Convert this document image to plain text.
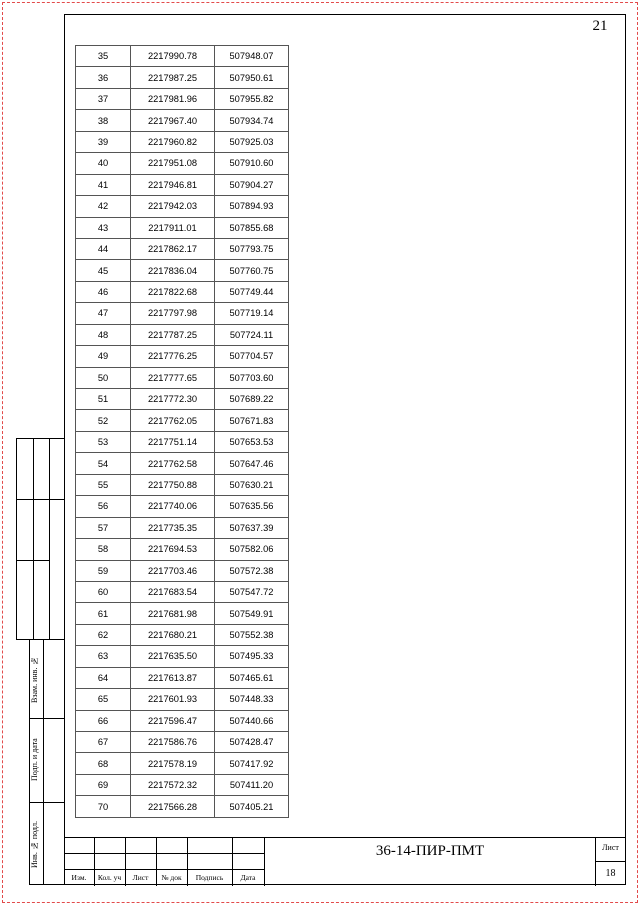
21
35	2217990.78	507948.07
36	2217987.25	507950.61
37	2217981.96	507955.82
38	2217967.40	507934.74
39	2217960.82	507925.03
40	2217951.08	507910.60
41	2217946.81	507904.27
42	2217942.03	507894.93
43	2217911.01	507855.68
44	2217862.17	507793.75
45	2217836.04	507760.75
46	2217822.68	507749.44
47	2217797.98	507719.14
48	2217787.25	507724.11
49	2217776.25	507704.57
50	2217777.65	507703.60
51	2217772.30	507689.22
52	2217762.05	507671.83
53	2217751.14	507653.53
54	2217762.58	507647.46
55	2217750.88	507630.21
56	2217740.06	507635.56
57	2217735.35	507637.39
58	2217694.53	507582.06
59	2217703.46	507572.38
60	2217683.54	507547.72
61	2217681.98	507549.91
62	2217680.21	507552.38
63	2217635.50	507495.33
64	2217613.87	507465.61
65	2217601.93	507448.33
66	2217596.47	507440.66
67	2217586.76	507428.47
68	2217578.19	507417.92
69	2217572.32	507411.20
70	2217566.28	507405.21
Взам. инв. №
Подп. и дата
Инв. № подл.
Изм.	Кол. уч	Лист	№ док	Подпись	Дата
36-14-ПИР-ПМТ	Лист
18
